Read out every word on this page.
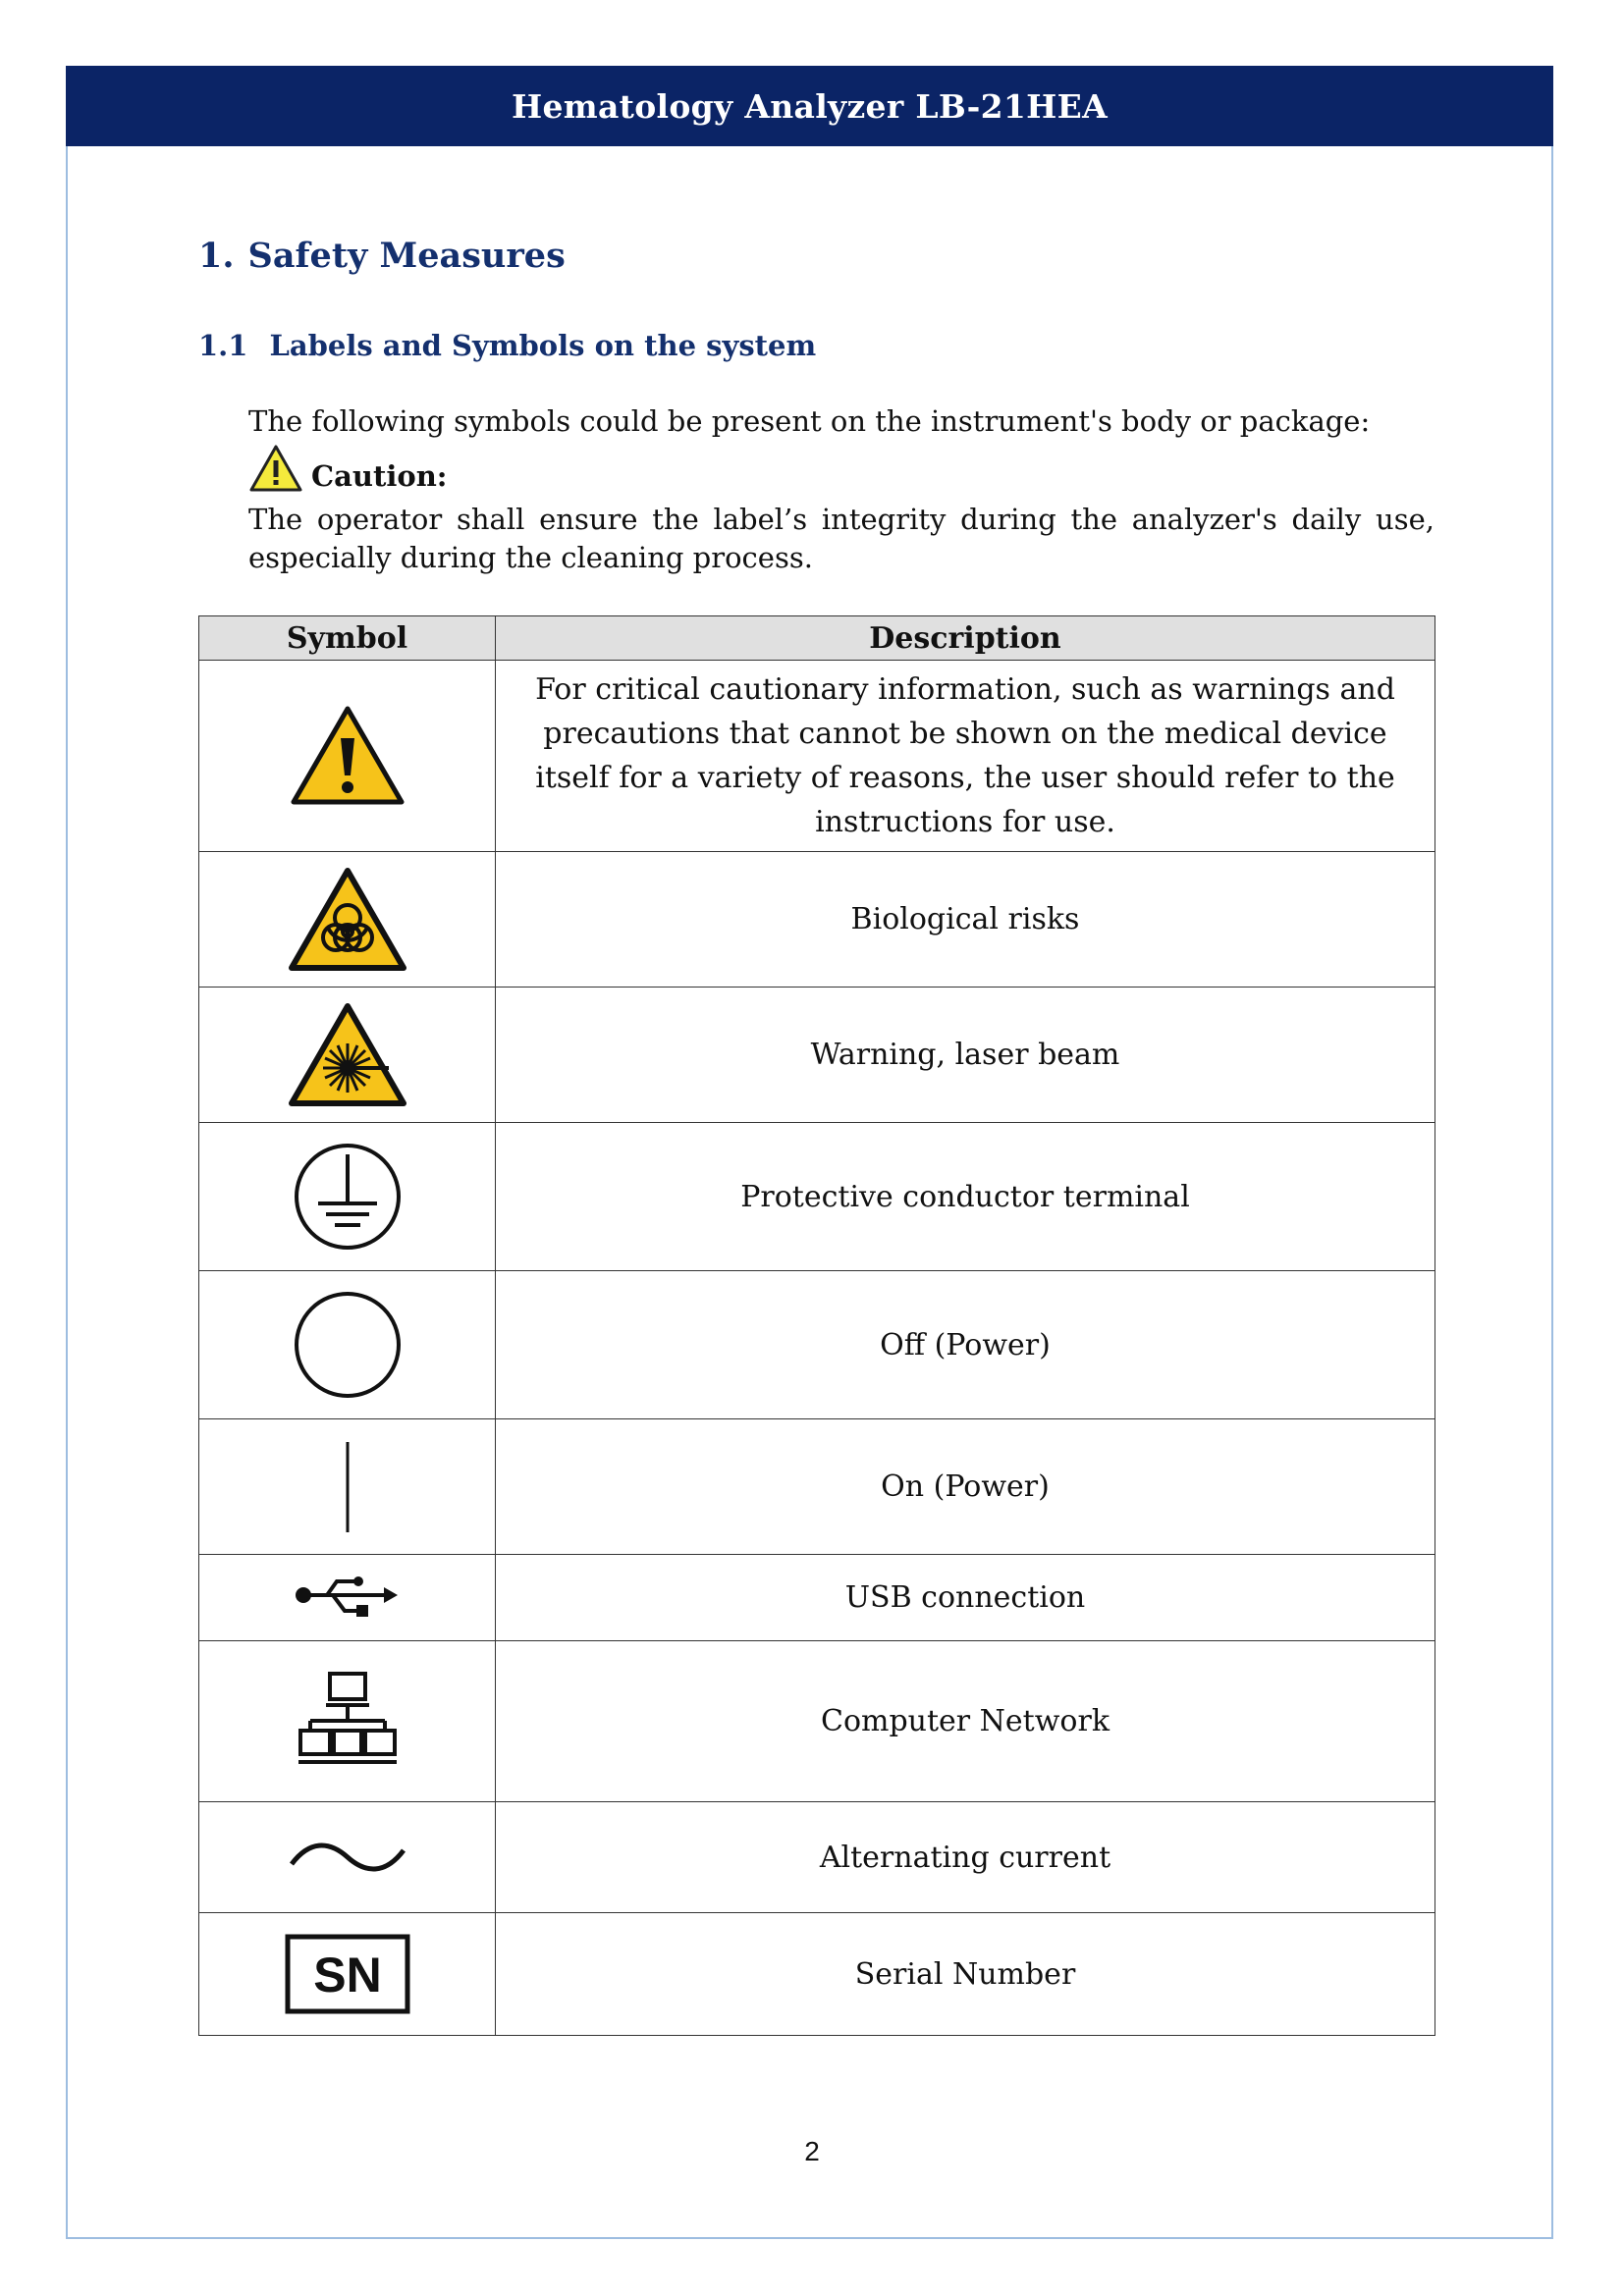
Hematology Analyzer LB-21HEA
1. Safety Measures
1.1 Labels and Symbols on the system
The following symbols could be present on the instrument's body or package:
Caution:
The operator shall ensure the label’s integrity during the analyzer's daily use, especially during the cleaning process.
Symbol	Description
	For critical cautionary information, such as warnings and precautions that cannot be shown on the medical device itself for a variety of reasons, the user should refer to the instructions for use.
	Biological risks
	Warning, laser beam
	Protective conductor terminal
	Off (Power)
	On (Power)
	USB connection
	Computer Network
	Alternating current

SN	Serial Number
2
